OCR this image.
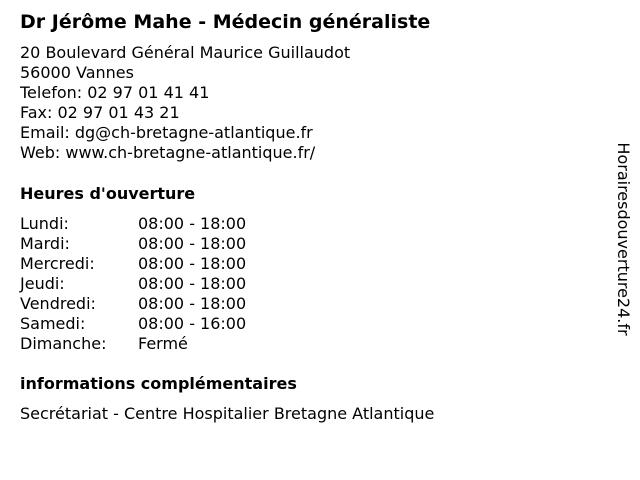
Dr Jérôme Mahe - Médecin généraliste
20 Boulevard Général Maurice Guillaudot
56000 Vannes
Telefon: 02 97 01 41 41
Fax: 02 97 01 43 21
Email: dg@ch-bretagne-atlantique.fr
Web: www.ch-bretagne-atlantique.fr/
Heures d'ouverture
Lundi:	08:00 - 18:00
Mardi:	08:00 - 18:00
Mercredi:	08:00 - 18:00
Jeudi:	08:00 - 18:00
Vendredi:	08:00 - 18:00
Samedi:	08:00 - 16:00
Dimanche:	Fermé
informations complémentaires
Secrétariat - Centre Hospitalier Bretagne Atlantique
Horairesdouverture24.fr
